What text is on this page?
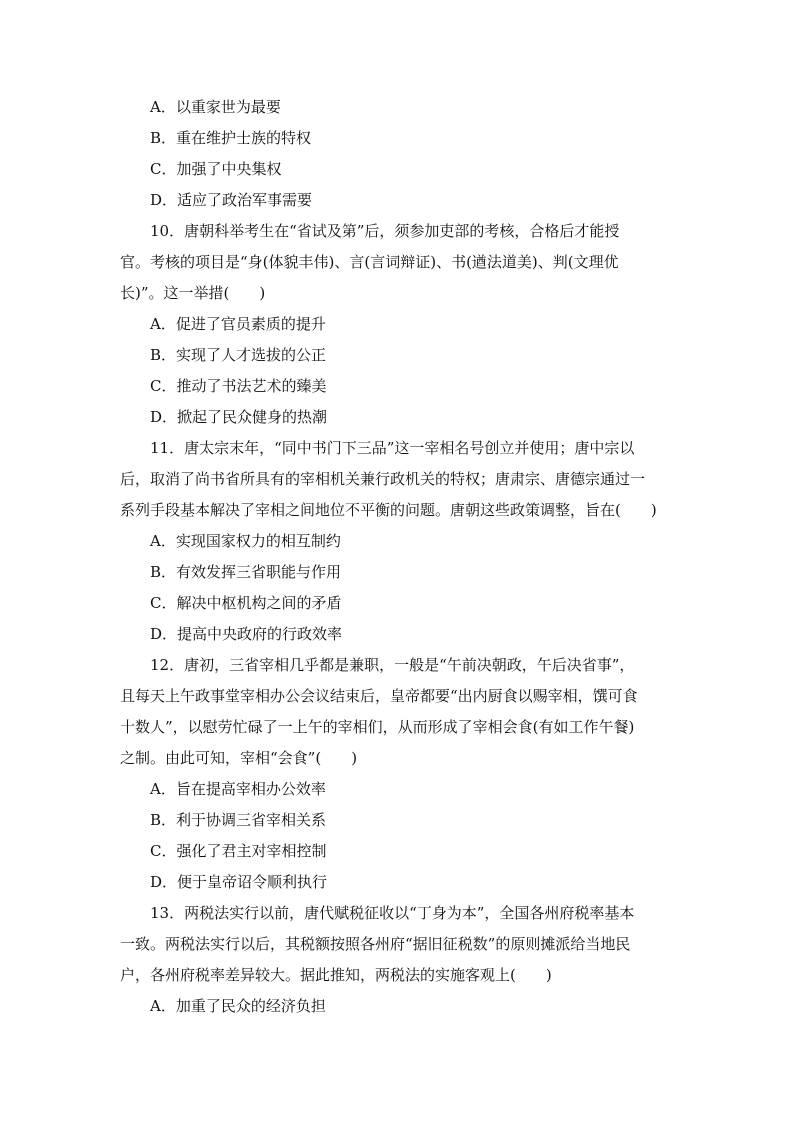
A．以重家世为最要
B．重在维护士族的特权
C．加强了中央集权
D．适应了政治军事需要
10．唐朝科举考生在“省试及第”后，须参加吏部的考核，合格后才能授
官。考核的项目是“身(体貌丰伟)、言(言词辩证)、书(遒法道美)、判(文理优
长)”。这一举措(　　)
A．促进了官员素质的提升
B．实现了人才选拔的公正
C．推动了书法艺术的臻美
D．掀起了民众健身的热潮
11．唐太宗末年，“同中书门下三品”这一宰相名号创立并使用；唐中宗以
后，取消了尚书省所具有的宰相机关兼行政机关的特权；唐肃宗、唐德宗通过一
系列手段基本解决了宰相之间地位不平衡的问题。唐朝这些政策调整，旨在(　　)
A．实现国家权力的相互制约
B．有效发挥三省职能与作用
C．解决中枢机构之间的矛盾
D．提高中央政府的行政效率
12．唐初，三省宰相几乎都是兼职，一般是“午前决朝政，午后决省事”，
且每天上午政事堂宰相办公会议结束后，皇帝都要“出内厨食以赐宰相，馔可食
十数人”，以慰劳忙碌了一上午的宰相们，从而形成了宰相会食(有如工作午餐)
之制。由此可知，宰相“会食”(　　)
A．旨在提高宰相办公效率
B．利于协调三省宰相关系
C．强化了君主对宰相控制
D．便于皇帝诏令顺利执行
13．两税法实行以前，唐代赋税征收以“丁身为本”，全国各州府税率基本
一致。两税法实行以后，其税额按照各州府“据旧征税数”的原则摊派给当地民
户，各州府税率差异较大。据此推知，两税法的实施客观上(　　)
A．加重了民众的经济负担
